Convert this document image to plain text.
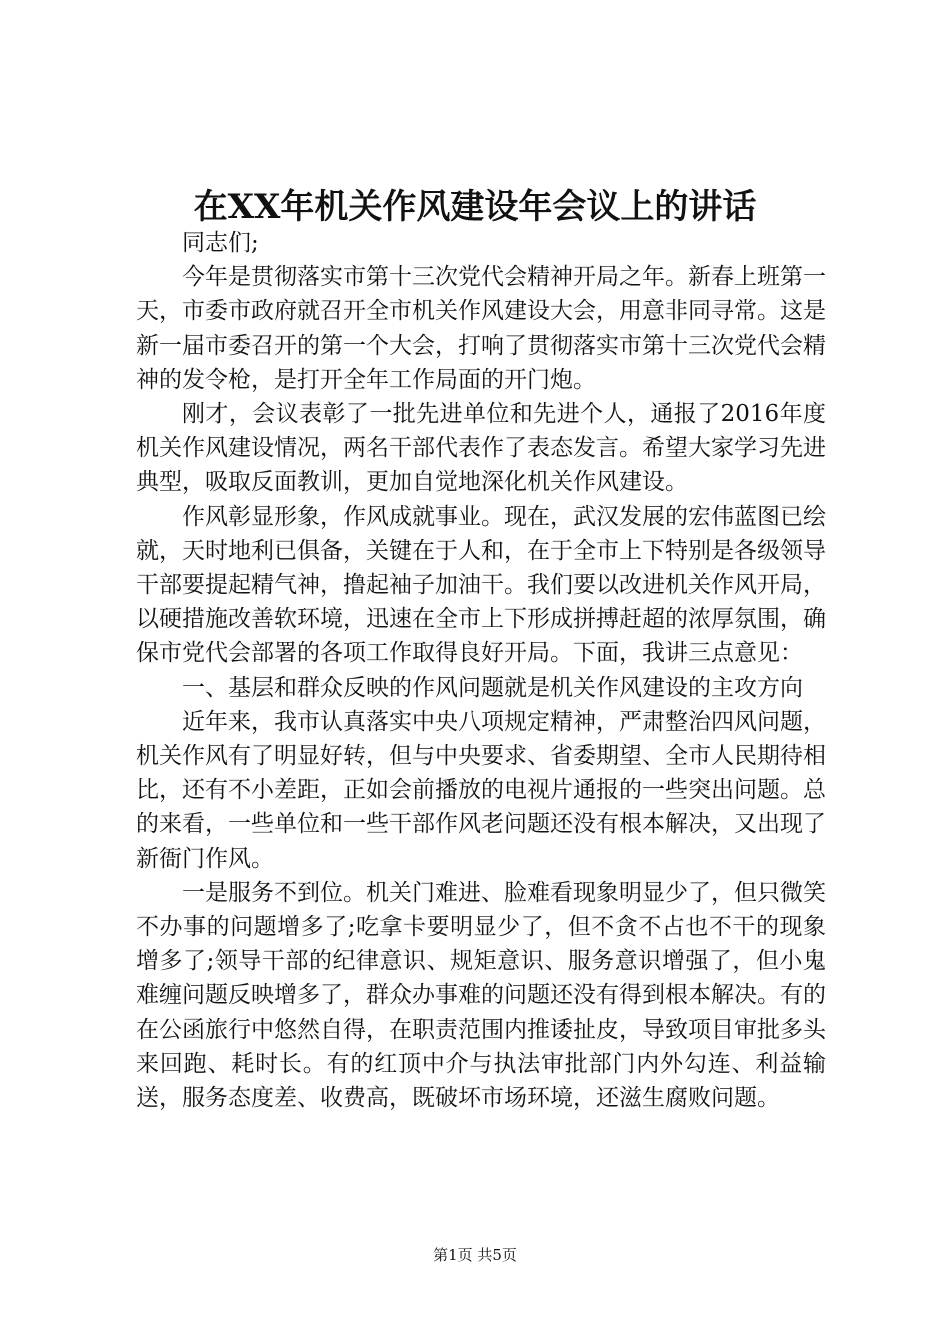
在XX年机关作风建设年会议上的讲话

同志们;

今年是贯彻落实市第十三次党代会精神开局之年。新春上班第一天，市委市政府就召开全市机关作风建设大会，用意非同寻常。这是新一届市委召开的第一个大会，打响了贯彻落实市第十三次党代会精神的发令枪，是打开全年工作局面的开门炮。

刚才，会议表彰了一批先进单位和先进个人，通报了2016年度机关作风建设情况，两名干部代表作了表态发言。希望大家学习先进典型，吸取反面教训，更加自觉地深化机关作风建设。

作风彰显形象，作风成就事业。现在，武汉发展的宏伟蓝图已绘就，天时地利已俱备，关键在于人和，在于全市上下特别是各级领导干部要提起精气神，撸起袖子加油干。我们要以改进机关作风开局，以硬措施改善软环境，迅速在全市上下形成拼搏赶超的浓厚氛围，确保市党代会部署的各项工作取得良好开局。下面，我讲三点意见：

一、基层和群众反映的作风问题就是机关作风建设的主攻方向

近年来，我市认真落实中央八项规定精神，严肃整治四风问题，机关作风有了明显好转，但与中央要求、省委期望、全市人民期待相比，还有不小差距，正如会前播放的电视片通报的一些突出问题。总的来看，一些单位和一些干部作风老问题还没有根本解决，又出现了新衙门作风。

一是服务不到位。机关门难进、脸难看现象明显少了，但只微笑不办事的问题增多了;吃拿卡要明显少了，但不贪不占也不干的现象增多了;领导干部的纪律意识、规矩意识、服务意识增强了，但小鬼难缠问题反映增多了，群众办事难的问题还没有得到根本解决。有的在公函旅行中悠然自得，在职责范围内推诿扯皮，导致项目审批多头来回跑、耗时长。有的红顶中介与执法审批部门内外勾连、利益输送，服务态度差、收费高，既破坏市场环境，还滋生腐败问题。

第1页 共5页
